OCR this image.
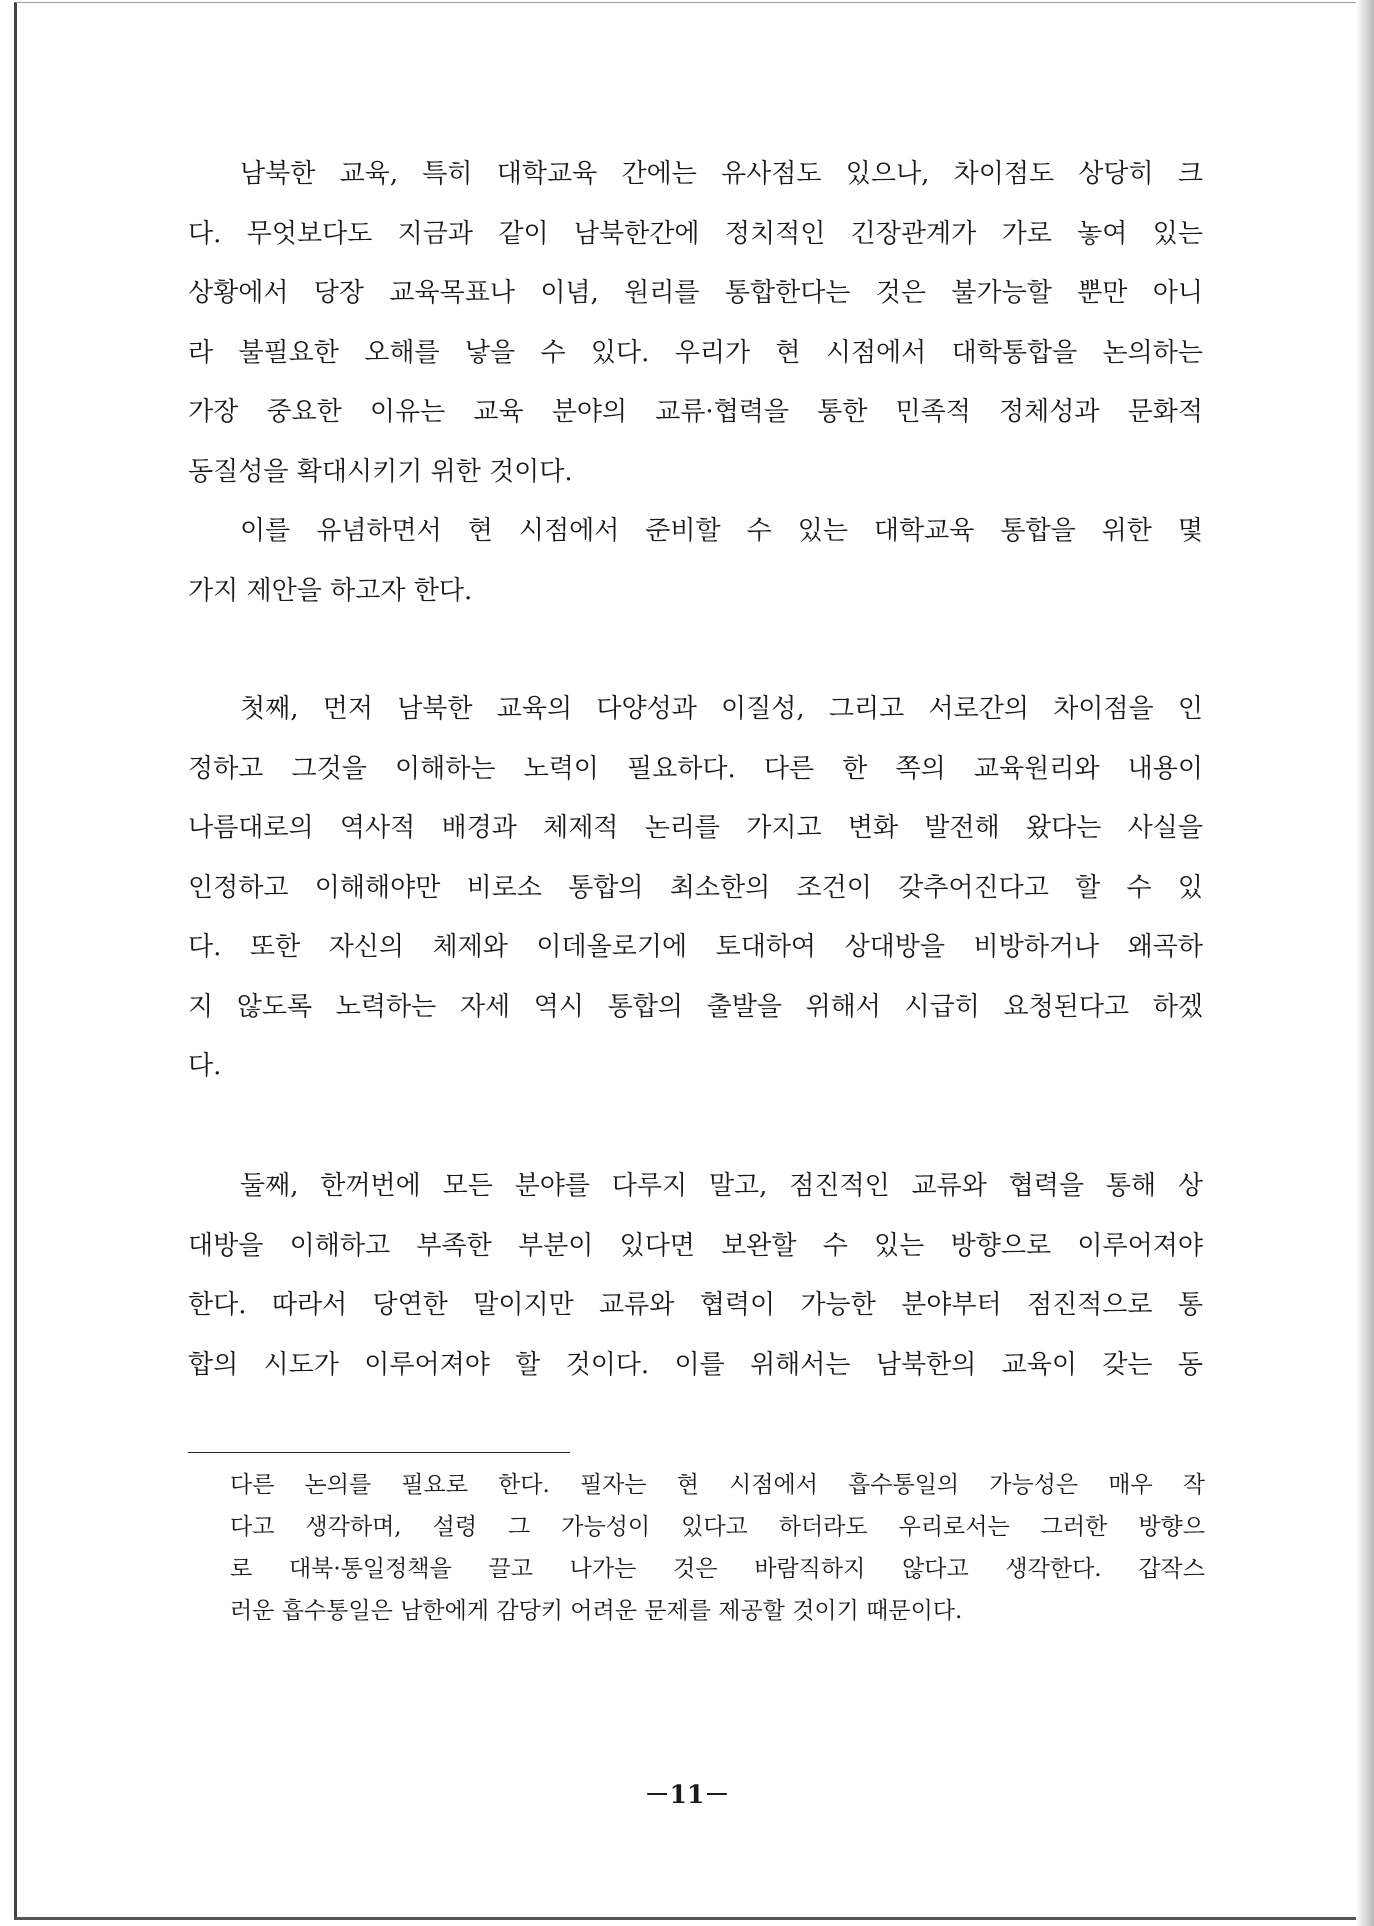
남북한 교육, 특히 대학교육 간에는 유사점도 있으나, 차이점도 상당히 크
다. 무엇보다도 지금과 같이 남북한간에 정치적인 긴장관계가 가로 놓여 있는
상황에서 당장 교육목표나 이념, 원리를 통합한다는 것은 불가능할 뿐만 아니
라 불필요한 오해를 낳을 수 있다. 우리가 현 시점에서 대학통합을 논의하는
가장 중요한 이유는 교육 분야의 교류·협력을 통한 민족적 정체성과 문화적
동질성을 확대시키기 위한 것이다.

이를 유념하면서 현 시점에서 준비할 수 있는 대학교육 통합을 위한 몇
가지 제안을 하고자 한다.

첫째, 먼저 남북한 교육의 다양성과 이질성, 그리고 서로간의 차이점을 인
정하고 그것을 이해하는 노력이 필요하다. 다른 한 쪽의 교육원리와 내용이
나름대로의 역사적 배경과 체제적 논리를 가지고 변화 발전해 왔다는 사실을
인정하고 이해해야만 비로소 통합의 최소한의 조건이 갖추어진다고 할 수 있
다. 또한 자신의 체제와 이데올로기에 토대하여 상대방을 비방하거나 왜곡하
지 않도록 노력하는 자세 역시 통합의 출발을 위해서 시급히 요청된다고 하겠
다.

둘째, 한꺼번에 모든 분야를 다루지 말고, 점진적인 교류와 협력을 통해 상
대방을 이해하고 부족한 부분이 있다면 보완할 수 있는 방향으로 이루어져야
한다. 따라서 당연한 말이지만 교류와 협력이 가능한 분야부터 점진적으로 통
합의 시도가 이루어져야 할 것이다. 이를 위해서는 남북한의 교육이 갖는 동

다른 논의를 필요로 한다. 필자는 현 시점에서 흡수통일의 가능성은 매우 작
다고 생각하며, 설령 그 가능성이 있다고 하더라도 우리로서는 그러한 방향으
로 대북·통일정책을 끌고 나가는 것은 바람직하지 않다고 생각한다. 갑작스
러운 흡수통일은 남한에게 감당키 어려운 문제를 제공할 것이기 때문이다.
－11－
